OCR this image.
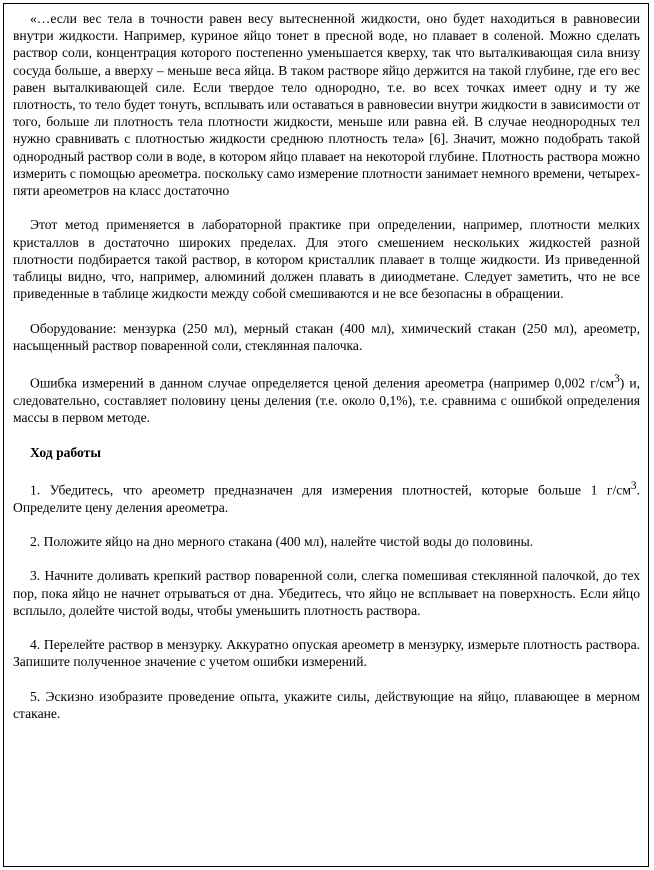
«…если вес тела в точности равен весу вытесненной жидкости, оно будет находиться в равновесии внутри жидкости. Например, куриное яйцо тонет в пресной воде, но плавает в соленой. Можно сделать раствор соли, концентрация которого постепенно уменьшается кверху, так что выталкивающая сила внизу сосуда больше, а вверху – меньше веса яйца. В таком растворе яйцо держится на такой глубине, где его вес равен выталкивающей силе. Если твердое тело однородно, т.е. во всех точках имеет одну и ту же плотность, то тело будет тонуть, всплывать или оставаться в равновесии внутри жидкости в зависимости от того, больше ли плотность тела плотности жидкости, меньше или равна ей. В случае неоднородных тел нужно сравнивать с плотностью жидкости среднюю плотность тела» [6]. Значит, можно подобрать такой однородный раствор соли в воде, в котором яйцо плавает на некоторой глубине. Плотность раствора можно измерить с помощью ареометра. поскольку само измерение плотности занимает немного времени, четырех-пяти ареометров на класс достаточно

Этот метод применяется в лабораторной практике при определении, например, плотности мелких кристаллов в достаточно широких пределах. Для этого смешением нескольких жидкостей разной плотности подбирается такой раствор, в котором кристаллик плавает в толще жидкости. Из приведенной таблицы видно, что, например, алюминий должен плавать в дииодметане. Следует заметить, что не все приведенные в таблице жидкости между собой смешиваются и не все безопасны в обращении.

Оборудование: мензурка (250 мл), мерный стакан (400 мл), химический стакан (250 мл), ареометр, насыщенный раствор поваренной соли, стеклянная палочка.

Ошибка измерений в данном случае определяется ценой деления ареометра (например 0,002 $г/см^3$) и, следовательно, составляет половину цены деления (т.е. около 0,1%), т.е. сравнима с ошибкой определения массы в первом методе.

Ход работы

1. Убедитесь, что ареометр предназначен для измерения плотностей, которые больше 1 $г/см^3$. Определите цену деления ареометра.

2. Положите яйцо на дно мерного стакана (400 мл), налейте чистой воды до половины.

3. Начните доливать крепкий раствор поваренной соли, слегка помешивая стеклянной палочкой, до тех пор, пока яйцо не начнет отрываться от дна. Убедитесь, что яйцо не всплывает на поверхность. Если яйцо всплыло, долейте чистой воды, чтобы уменьшить плотность раствора.

4. Перелейте раствор в мензурку. Аккуратно опуская ареометр в мензурку, измерьте плотность раствора. Запишите полученное значение с учетом ошибки измерений.

5. Эскизно изобразите проведение опыта, укажите силы, действующие на яйцо, плавающее в мерном стакане.
